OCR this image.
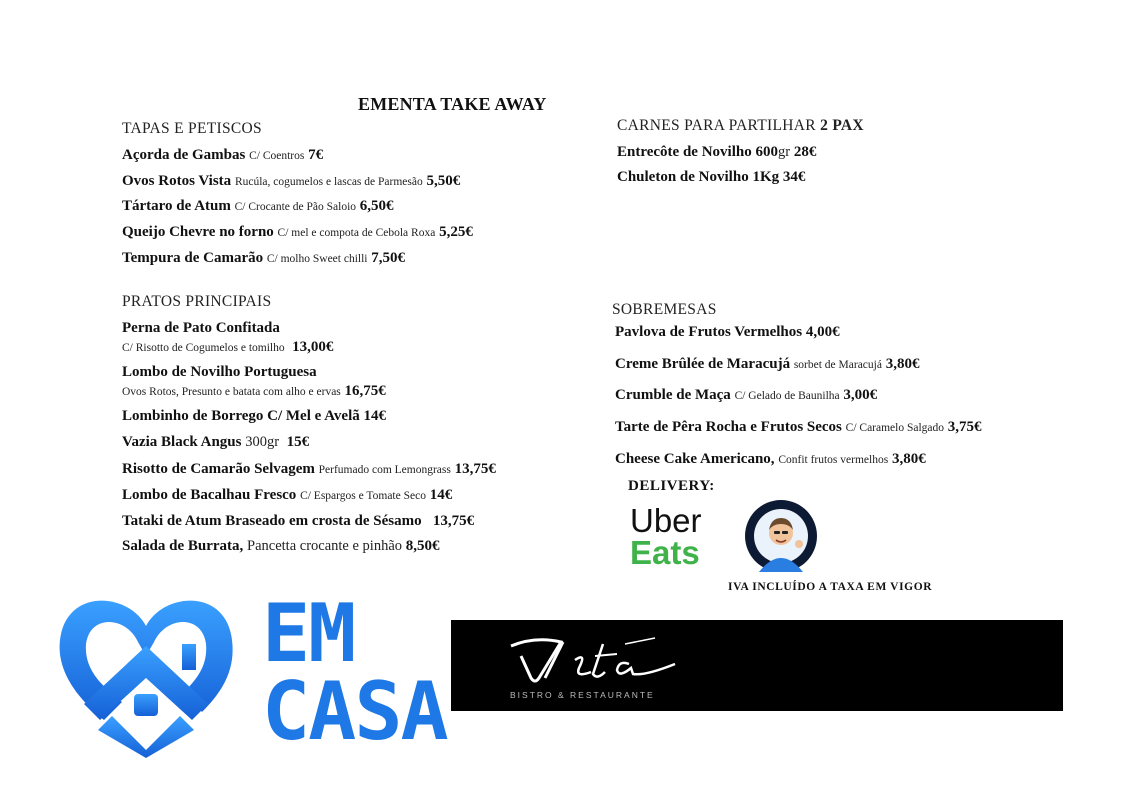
EMENTA TAKE AWAY
TAPAS E PETISCOS
Açorda de Gambas C/ Coentros 7€
Ovos Rotos Vista Rucúla, cogumelos e lascas de Parmesão 5,50€
Tártaro de Atum C/ Crocante de Pão Saloio 6,50€
Queijo Chevre no forno C/ mel e compota de Cebola Roxa 5,25€
Tempura de Camarão C/ molho Sweet chilli 7,50€
PRATOS PRINCIPAIS
Perna de Pato Confitada
C/ Risotto de Cogumelos e tomilho 13,00€
Lombo de Novilho Portuguesa
Ovos Rotos, Presunto e batata com alho e ervas 16,75€
Lombinho de Borrego C/ Mel e Avelã 14€
Vazia Black Angus 300gr 15€
Risotto de Camarão Selvagem Perfumado com Lemongrass 13,75€
Lombo de Bacalhau Fresco C/ Espargos e Tomate Seco 14€
Tataki de Atum Braseado em crosta de Sésamo 13,75€
Salada de Burrata, Pancetta crocante e pinhão 8,50€
CARNES PARA PARTILHAR 2 PAX
Entrecôte de Novilho 600gr 28€
Chuleton de Novilho 1Kg 34€
SOBREMESAS
Pavlova de Frutos Vermelhos 4,00€
Creme Brûlée de Maracujá sorbet de Maracujá 3,80€
Crumble de Maça C/ Gelado de Baunilha 3,00€
Tarte de Pêra Rocha e Frutos Secos C/ Caramelo Salgado 3,75€
Cheese Cake Americano, Confit frutos vermelhos 3,80€
DELIVERY:
Uber
Eats
IVA INCLUÍDO A TAXA EM VIGOR
EM
CASA	BISTRO & RESTAURANTE
